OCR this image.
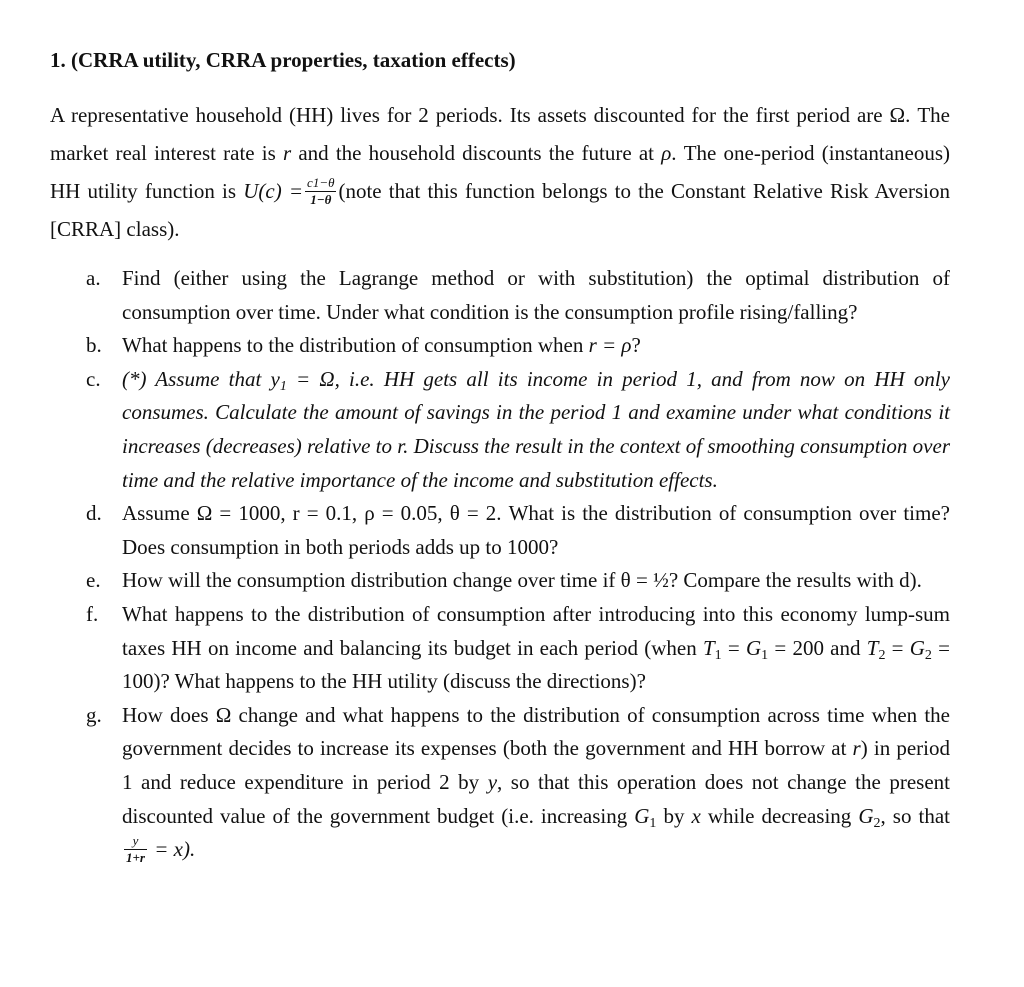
1. (CRRA utility, CRRA properties, taxation effects)

A representative household (HH) lives for 2 periods. Its assets discounted for the first period are Ω. The market real interest rate is r and the household discounts the future at ρ. The one-period (instantaneous) HH utility function is $U(c) = \frac{c1-\theta}{1-\theta}$ (note that this function belongs to the Constant Relative Risk Aversion [CRRA] class).

a. Find (either using the Lagrange method or with substitution) the optimal distribution of consumption over time. Under what condition is the consumption profile rising/falling?
b. What happens to the distribution of consumption when r = ρ?
c. (*) Assume that $y_1 = \Omega$, i.e. HH gets all its income in period 1, and from now on HH only consumes. Calculate the amount of savings in the period 1 and examine under what conditions it increases (decreases) relative to r. Discuss the result in the context of smoothing consumption over time and the relative importance of the income and substitution effects.
d. Assume Ω = 1000, r = 0.1, ρ = 0.05, θ = 2. What is the distribution of consumption over time? Does consumption in both periods adds up to 1000?
e. How will the consumption distribution change over time if θ = ½? Compare the results with d).
f. What happens to the distribution of consumption after introducing into this economy lump-sum taxes HH on income and balancing its budget in each period (when $T_1 = G_1 = 200$ and $T_2 = G_2 = 100$)? What happens to the HH utility (discuss the directions)?
g. How does Ω change and what happens to the distribution of consumption across time when the government decides to increase its expenses (both the government and HH borrow at r) in period 1 and reduce expenditure in period 2 by y, so that this operation does not change the present discounted value of the government budget (i.e. increasing $G_1$ by x while decreasing $G_2$, so that
$\frac{y}{1+r} = x$).
